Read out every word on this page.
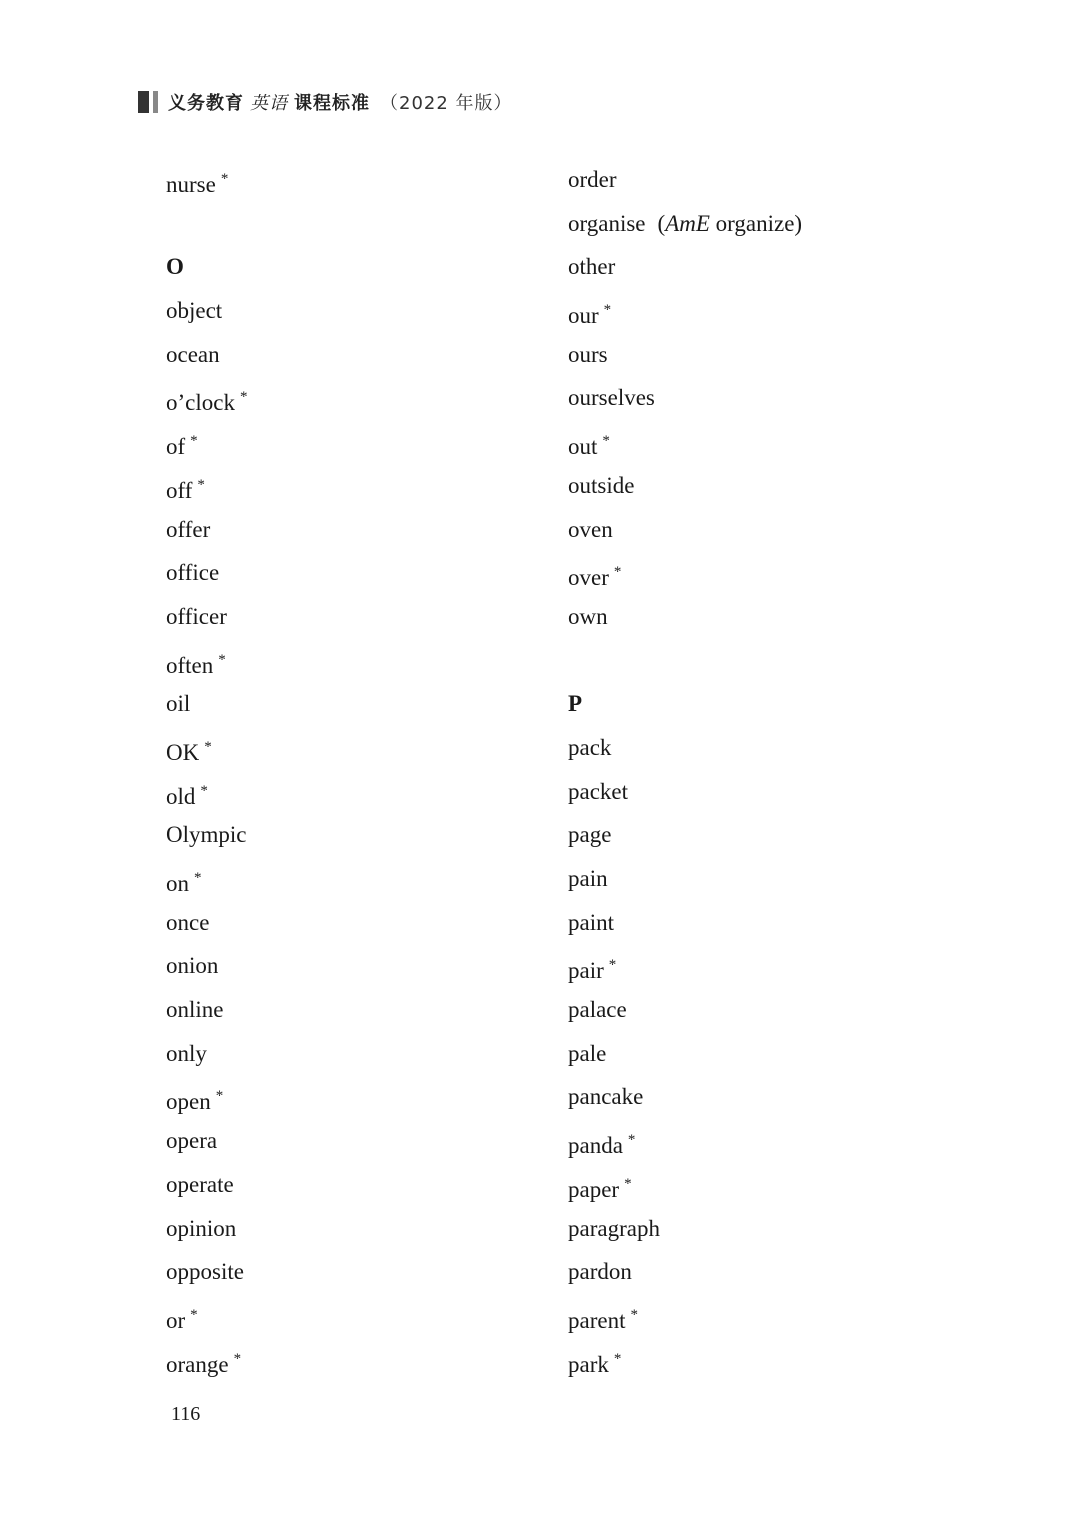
义务教育 英语 课程标准 （2022 年版）
nurse *
O
object
ocean
o’clock *
of *
off *
offer
office
officer
often *
oil
OK *
old *
Olympic
on *
once
onion
online
only
open *
opera
operate
opinion
opposite
or *
orange *
order
organise (AmE organize)
other
our *
ours
ourselves
out *
outside
oven
over *
own
P
pack
packet
page
pain
paint
pair *
palace
pale
pancake
panda *
paper *
paragraph
pardon
parent *
park *
116
